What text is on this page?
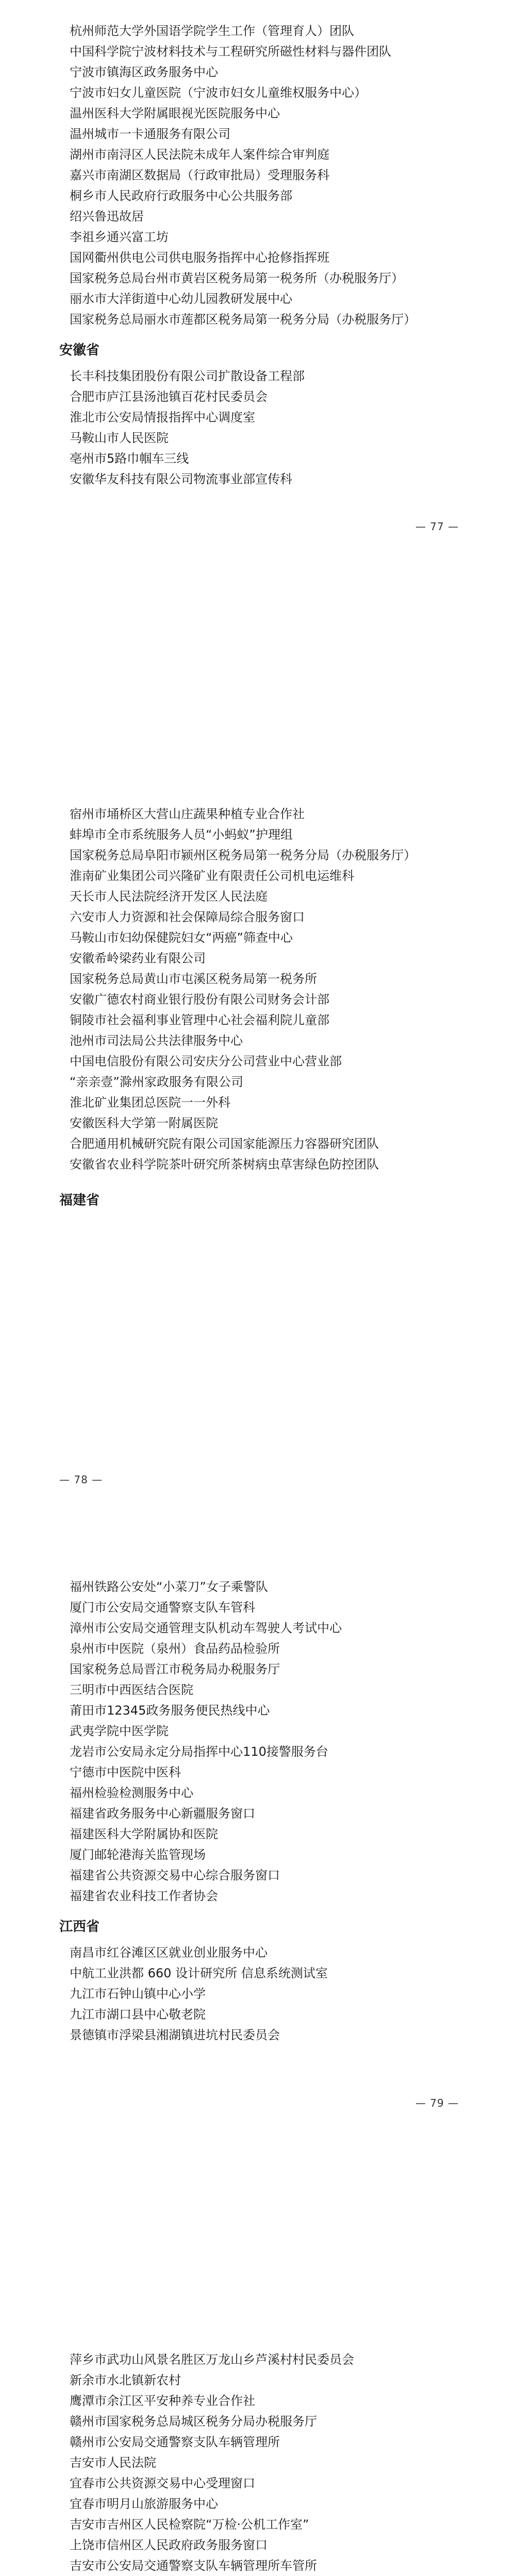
杭州师范大学外国语学院学生工作（管理育人）团队
中国科学院宁波材料技术与工程研究所磁性材料与器件团队
宁波市镇海区政务服务中心
宁波市妇女儿童医院（宁波市妇女儿童维权服务中心）
温州医科大学附属眼视光医院服务中心
温州城市一卡通服务有限公司
湖州市南浔区人民法院未成年人案件综合审判庭
嘉兴市南湖区数据局（行政审批局）受理服务科
桐乡市人民政府行政服务中心公共服务部
绍兴鲁迅故居
李祖乡通兴富工坊
国网衢州供电公司供电服务指挥中心抢修指挥班
国家税务总局台州市黄岩区税务局第一税务所（办税服务厅）
丽水市大洋街道中心幼儿园教研发展中心
国家税务总局丽水市莲都区税务局第一税务分局（办税服务厅）
安徽省
长丰科技集团股份有限公司扩散设备工程部
合肥市庐江县汤池镇百花村民委员会
淮北市公安局情报指挥中心调度室
马鞍山市人民医院
亳州市5路巾帼车三线
安徽华友科技有限公司物流事业部宣传科
— 77 —
宿州市埇桥区大营山庄蔬果种植专业合作社
蚌埠市全市系统服务人员“小蚂蚁”护理组
国家税务总局阜阳市颍州区税务局第一税务分局（办税服务厅）
淮南矿业集团公司兴隆矿业有限责任公司机电运维科
天长市人民法院经济开发区人民法庭
六安市人力资源和社会保障局综合服务窗口
马鞍山市妇幼保健院妇女“两癌”筛查中心
安徽希岭梁药业有限公司
国家税务总局黄山市屯溪区税务局第一税务所
安徽广德农村商业银行股份有限公司财务会计部
铜陵市社会福利事业管理中心社会福利院儿童部
池州市司法局公共法律服务中心
中国电信股份有限公司安庆分公司营业中心营业部
“亲亲壹”滁州家政服务有限公司
淮北矿业集团总医院一一外科
安徽医科大学第一附属医院
合肥通用机械研究院有限公司国家能源压力容器研究团队
安徽省农业科学院茶叶研究所茶树病虫草害绿色防控团队
福建省
— 78 —
福州铁路公安处“小菜刀”女子乘警队
厦门市公安局交通警察支队车管科
漳州市公安局交通管理支队机动车驾驶人考试中心
泉州市中医院（泉州）食品药品检验所
国家税务总局晋江市税务局办税服务厅
三明市中西医结合医院
莆田市12345政务服务便民热线中心
武夷学院中医学院
龙岩市公安局永定分局指挥中心110接警服务台
宁德市中医院中医科
福州检验检测服务中心
福建省政务服务中心新疆服务窗口
福建医科大学附属协和医院
厦门邮轮港海关监管现场
福建省公共资源交易中心综合服务窗口
福建省农业科技工作者协会
江西省
南昌市红谷滩区区就业创业服务中心
中航工业洪都 660 设计研究所 信息系统测试室
九江市石钟山镇中心小学
九江市湖口县中心敬老院
景德镇市浮梁县湘湖镇进坑村民委员会
— 79 —
萍乡市武功山风景名胜区万龙山乡芦溪村村民委员会
新余市水北镇新农村
鹰潭市余江区平安种养专业合作社
赣州市国家税务总局城区税务分局办税服务厅
赣州市公安局交通警察支队车辆管理所
吉安市人民法院
宜春市公共资源交易中心受理窗口
宜春市明月山旅游服务中心
吉安市吉州区人民检察院“万检·公机工作室”
上饶市信州区人民政府政务服务窗口
吉安市公安局交通警察支队车辆管理所车管所
